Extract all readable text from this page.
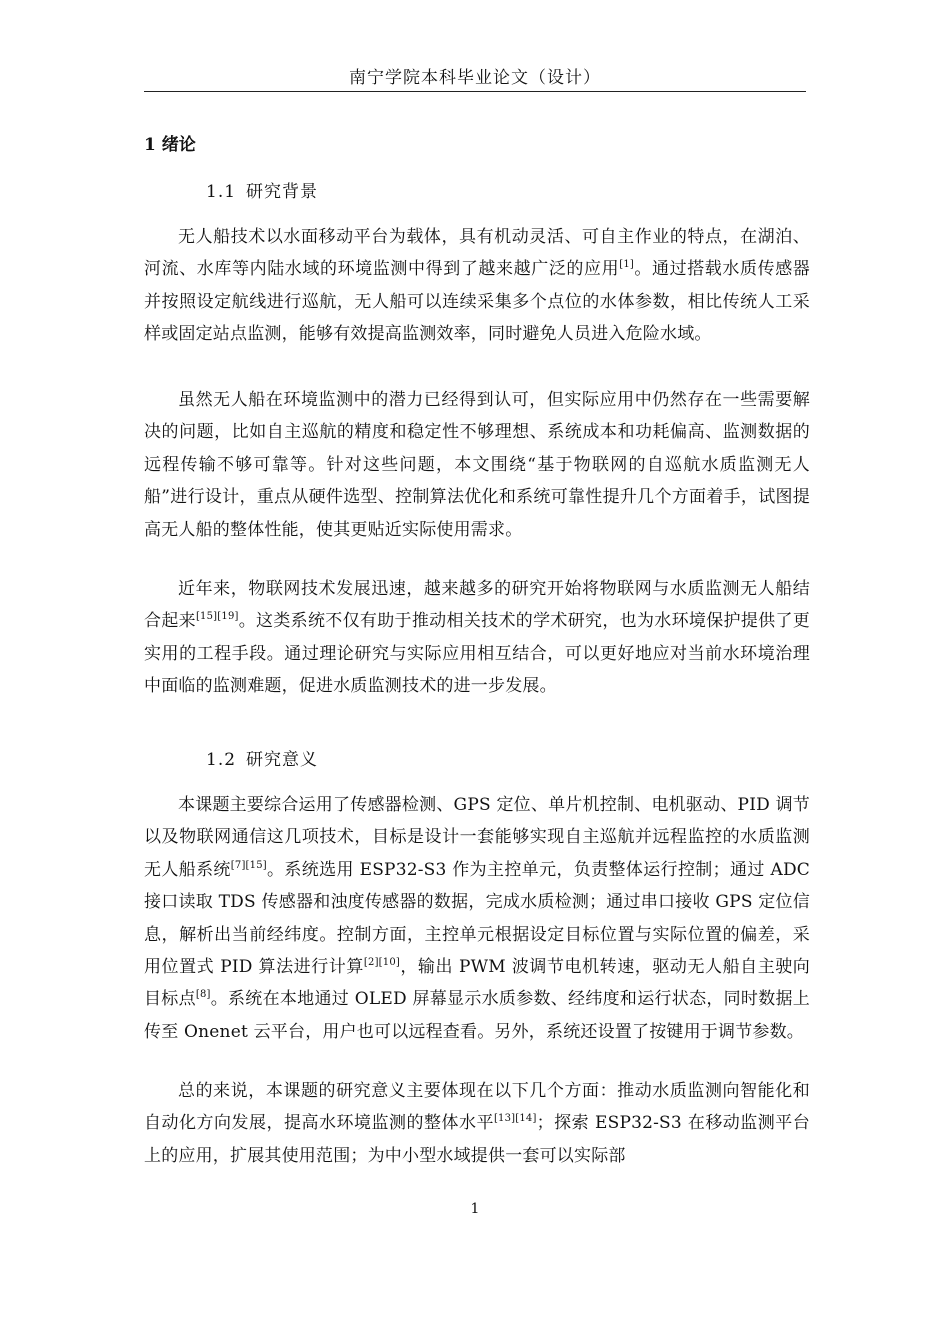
南宁学院本科毕业论文（设计）
1 绪论
1.1 研究背景

无人船技术以水面移动平台为载体，具有机动灵活、可自主作业的特点，在湖泊、河流、水库等内陆水域的环境监测中得到了越来越广泛的应用[1]。通过搭载水质传感器并按照设定航线进行巡航，无人船可以连续采集多个点位的水体参数，相比传统人工采样或固定站点监测，能够有效提高监测效率，同时避免人员进入危险水域。

虽然无人船在环境监测中的潜力已经得到认可，但实际应用中仍然存在一些需要解决的问题，比如自主巡航的精度和稳定性不够理想、系统成本和功耗偏高、监测数据的远程传输不够可靠等。针对这些问题，本文围绕“基于物联网的自巡航水质监测无人船”进行设计，重点从硬件选型、控制算法优化和系统可靠性提升几个方面着手，试图提高无人船的整体性能，使其更贴近实际使用需求。

近年来，物联网技术发展迅速，越来越多的研究开始将物联网与水质监测无人船结合起来[15][19]。这类系统不仅有助于推动相关技术的学术研究，也为水环境保护提供了更实用的工程手段。通过理论研究与实际应用相互结合，可以更好地应对当前水环境治理中面临的监测难题，促进水质监测技术的进一步发展。

1.2 研究意义

本课题主要综合运用了传感器检测、GPS 定位、单片机控制、电机驱动、PID 调节以及物联网通信这几项技术，目标是设计一套能够实现自主巡航并远程监控的水质监测无人船系统[7][15]。系统选用 ESP32-S3 作为主控单元，负责整体运行控制；通过 ADC 接口读取 TDS 传感器和浊度传感器的数据，完成水质检测；通过串口接收 GPS 定位信息，解析出当前经纬度。控制方面，主控单元根据设定目标位置与实际位置的偏差，采用位置式 PID 算法进行计算[2][10]，输出 PWM 波调节电机转速，驱动无人船自主驶向目标点[8]。系统在本地通过 OLED 屏幕显示水质参数、经纬度和运行状态，同时数据上传至 Onenet 云平台，用户也可以远程查看。另外，系统还设置了按键用于调节参数。

总的来说，本课题的研究意义主要体现在以下几个方面：推动水质监测向智能化和自动化方向发展，提高水环境监测的整体水平[13][14]；探索 ESP32-S3 在移动监测平台上的应用，扩展其使用范围；为中小型水域提供一套可以实际部

1
